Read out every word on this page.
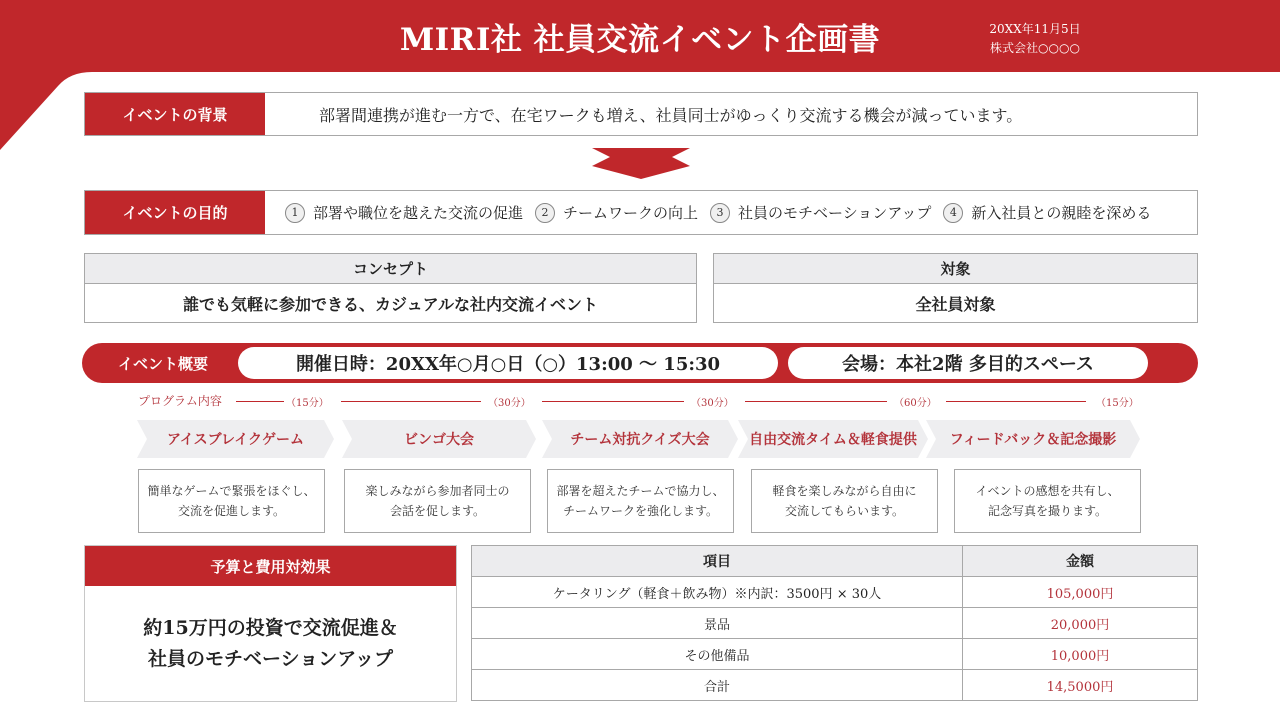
MIRI社 社員交流イベント企画書	20XX年11月5日
株式会社○○○○
イベントの背景	部署間連携が進む一方で、在宅ワークも増え、社員同士がゆっくり交流する機会が減っています。
イベントの目的	1 部署や職位を越えた交流の促進	2 チームワークの向上	3 社員のモチベーションアップ	4 新入社員との親睦を深める
コンセプト
誰でも気軽に参加できる、カジュアルな社内交流イベント
対象
全社員対象
イベント概要	開催日時：20XX年○月○日（○）13:00 〜 15:30	会場：本社2階 多目的スペース
プログラム内容	（15分）	（30分）	（30分）	（60分）	（15分）
アイスブレイクゲーム	ビンゴ大会	チーム対抗クイズ大会	自由交流タイム＆軽食提供 フィードバック＆記念撮影
簡単なゲームで緊張をほぐし、
交流を促進します。
楽しみながら参加者同士の
会話を促します。
部署を超えたチームで協力し、
チームワークを強化します。
軽食を楽しみながら自由に
交流してもらいます。
イベントの感想を共有し、
記念写真を撮ります。
予算と費用対効果
約15万円の投資で交流促進＆
社員のモチベーションアップ
項目	金額
ケータリング（軽食＋飲み物）※内訳：3500円 × 30人	105,000円
景品	20,000円
その他備品	10,000円
合計	14,5000円
